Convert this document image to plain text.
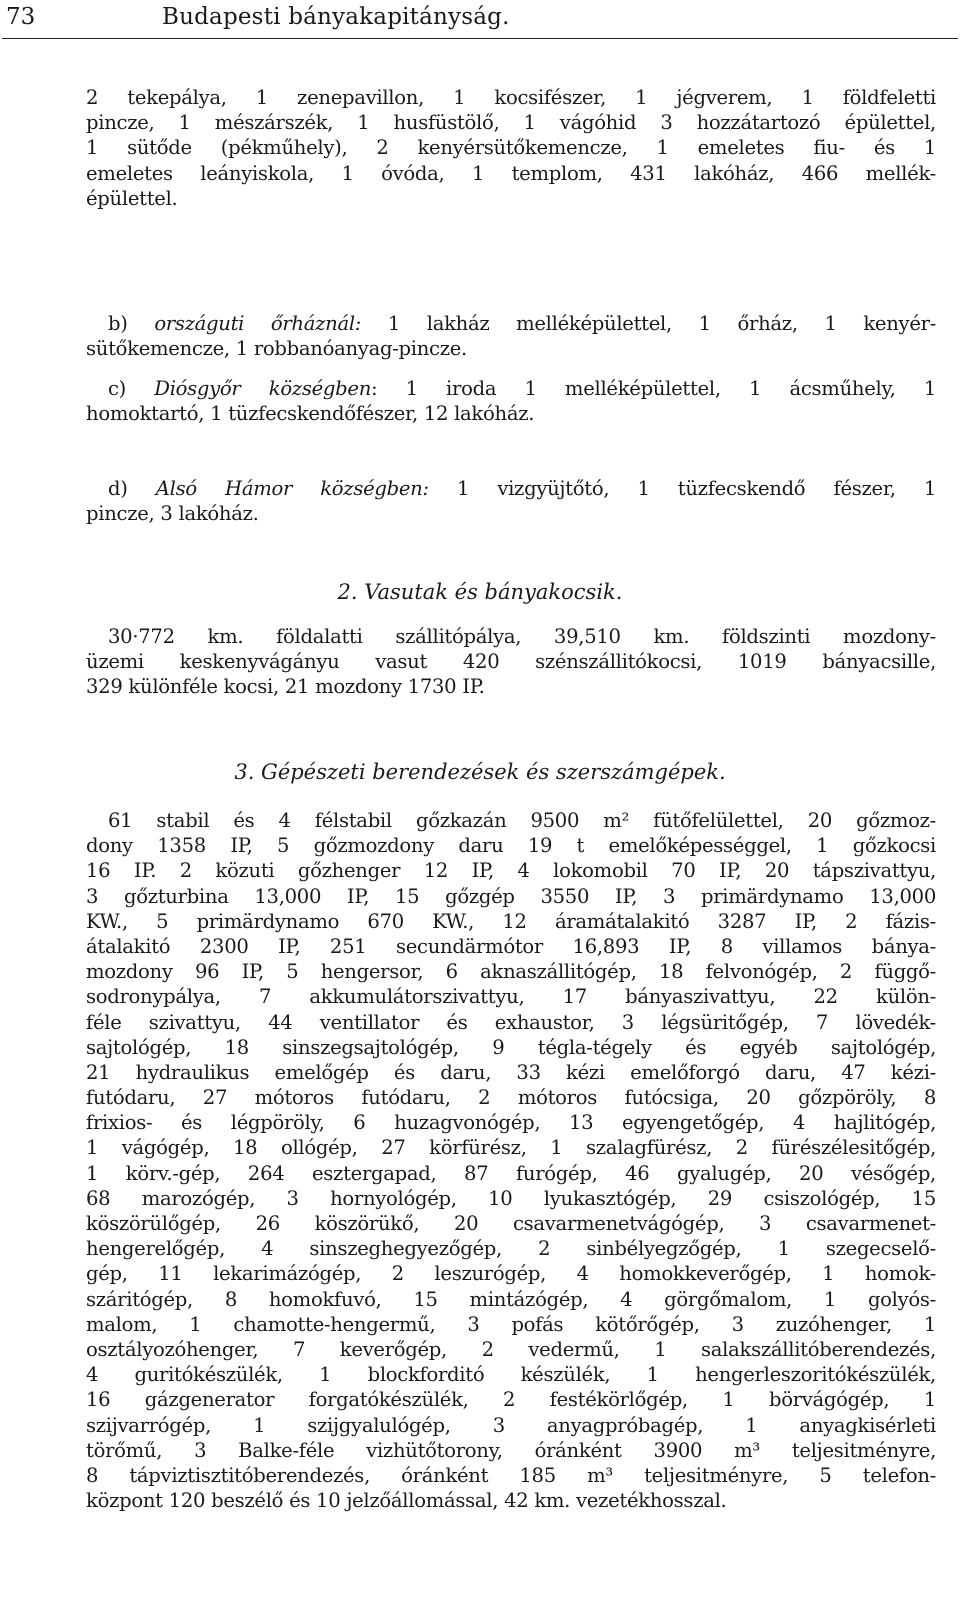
73	Budapesti bányakapitányság.
2 tekepálya, 1 zenepavillon, 1 kocsifészer, 1 jégverem, 1 földfeletti
pincze, 1 mészárszék, 1 husfüstölő, 1 vágóhid 3 hozzátartozó épülettel,
1 sütőde (pékműhely), 2 kenyérsütőkemencze, 1 emeletes fiu- és 1
emeletes leányiskola, 1 óvóda, 1 templom, 431 lakóház, 466 mellék-
épülettel.
b) országuti őrháznál: 1 lakház melléképülettel, 1 őrház, 1 kenyér-
sütőkemencze, 1 robbanóanyag-pincze.
c) Diósgyőr községben: 1 iroda 1 melléképülettel, 1 ácsműhely, 1
homoktartó, 1 tüzfecskendőfészer, 12 lakóház.
d) Alsó Hámor községben: 1 vizgyüjtőtó, 1 tüzfecskendő fészer, 1
pincze, 3 lakóház.
2. Vasutak és bányakocsik.
30·772 km. földalatti szállitópálya, 39,510 km. földszinti mozdony-
üzemi keskenyvágányu vasut 420 szénszállitókocsi, 1019 bányacsille,
329 különféle kocsi, 21 mozdony 1730 IP.
3. Gépészeti berendezések és szerszámgépek.
61 stabil és 4 félstabil gőzkazán 9500 m² fütőfelülettel, 20 gőzmoz-
dony 1358 IP, 5 gőzmozdony daru 19 t emelőképességgel, 1 gőzkocsi
16 IP. 2 közuti gőzhenger 12 IP, 4 lokomobil 70 IP, 20 tápszivattyu,
3 gőzturbina 13,000 IP, 15 gőzgép 3550 IP, 3 primärdynamo 13,000
KW., 5 primärdynamo 670 KW., 12 áramátalakitó 3287 IP, 2 fázis-
átalakitó 2300 IP, 251 secundärmótor 16,893 IP, 8 villamos bánya-
mozdony 96 IP, 5 hengersor, 6 aknaszállitógép, 18 felvonógép, 2 függő-
sodronypálya, 7 akkumulátorszivattyu, 17 bányaszivattyu, 22 külön-
féle szivattyu, 44 ventillator és exhaustor, 3 légsüritőgép, 7 lövedék-
sajtológép, 18 sinszegsajtológép, 9 tégla-tégely és egyéb sajtológép,
21 hydraulikus emelőgép és daru, 33 kézi emelőforgó daru, 47 kézi-
futódaru, 27 mótoros futódaru, 2 mótoros futócsiga, 20 gőzpöröly, 8
frixios- és légpöröly, 6 huzagvonógép, 13 egyengetőgép, 4 hajlitógép,
1 vágógép, 18 ollógép, 27 körfürész, 1 szalagfürész, 2 fürészélesitőgép,
1 körv.-gép, 264 esztergapad, 87 furógép, 46 gyalugép, 20 vésőgép,
68 marozógép, 3 hornyológép, 10 lyukasztógép, 29 csiszológép, 15
köszörülőgép, 26 köszörükő, 20 csavarmenetvágógép, 3 csavarmenet-
hengerelőgép, 4 sinszeghegyezőgép, 2 sinbélyegzőgép, 1 szegecselő-
gép, 11 lekarimázógép, 2 leszurógép, 4 homokkeverőgép, 1 homok-
száritógép, 8 homokfuvó, 15 mintázógép, 4 görgőmalom, 1 golyós-
malom, 1 chamotte-hengermű, 3 pofás kötőrőgép, 3 zuzóhenger, 1
osztályozóhenger, 7 keverőgép, 2 vedermű, 1 salakszállitóberendezés,
4 guritókészülék, 1 blockforditó készülék, 1 hengerleszoritókészülék,
16 gázgenerator forgatókészülék, 2 festékörlőgép, 1 börvágógép, 1
szijvarrógép, 1 szijgyalulógép, 3 anyagpróbagép, 1 anyagkisérleti
törőmű, 3 Balke-féle vizhütőtorony, óránként 3900 m³ teljesitményre,
8 tápviztisztitóberendezés, óránként 185 m³ teljesitményre, 5 telefon-
központ 120 beszélő és 10 jelzőállomással, 42 km. vezetékhosszal.
